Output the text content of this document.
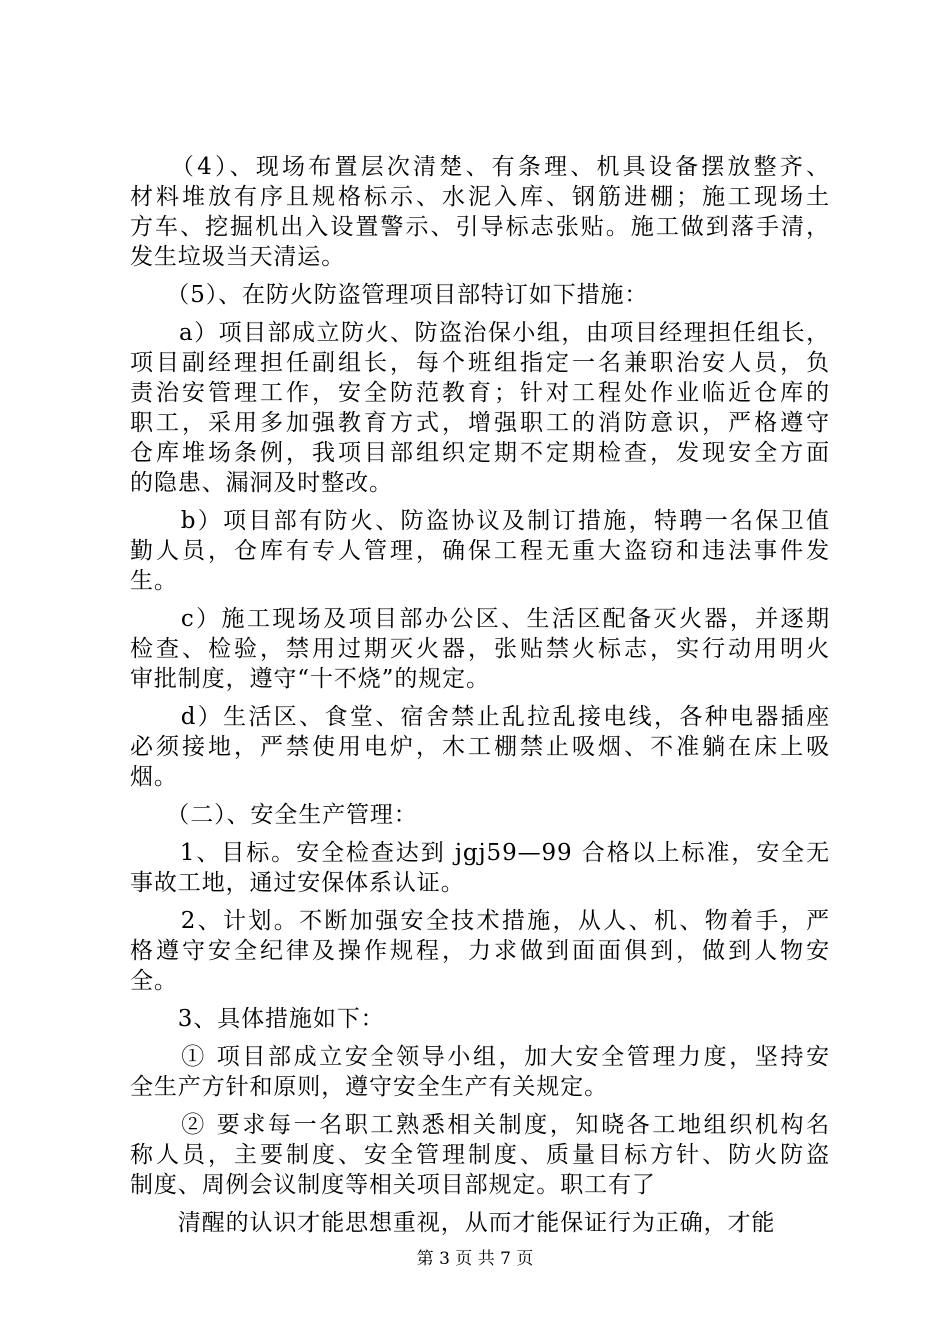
　　（4）、现场布置层次清楚、有条理、机具设备摆放整齐、
材料堆放有序且规格标示、水泥入库、钢筋进棚；施工现场土
方车、挖掘机出入设置警示、引导标志张贴。施工做到落手清，
发生垃圾当天清运。
　　（5）、在防火防盗管理项目部特订如下措施：
　　a）项目部成立防火、防盗治保小组，由项目经理担任组长，
项目副经理担任副组长，每个班组指定一名兼职治安人员，负
责治安管理工作，安全防范教育；针对工程处作业临近仓库的
职工，采用多加强教育方式，增强职工的消防意识，严格遵守
仓库堆场条例，我项目部组织定期不定期检查，发现安全方面
的隐患、漏洞及时整改。
　　b）项目部有防火、防盗协议及制订措施，特聘一名保卫值
勤人员，仓库有专人管理，确保工程无重大盗窃和违法事件发
生。
　　c）施工现场及项目部办公区、生活区配备灭火器，并逐期
检查、检验，禁用过期灭火器，张贴禁火标志，实行动用明火
审批制度，遵守“十不烧”的规定。
　　d）生活区、食堂、宿舍禁止乱拉乱接电线，各种电器插座
必须接地，严禁使用电炉，木工棚禁止吸烟、不准躺在床上吸
烟。
　　（二）、安全生产管理：
　　1、目标。安全检查达到 jgj59—99 合格以上标准，安全无
事故工地，通过安保体系认证。
　　2、计划。不断加强安全技术措施，从人、机、物着手，严
格遵守安全纪律及操作规程，力求做到面面俱到，做到人物安
全。
　　3、具体措施如下：
　　① 项目部成立安全领导小组，加大安全管理力度，坚持安
全生产方针和原则，遵守安全生产有关规定。
　　② 要求每一名职工熟悉相关制度，知晓各工地组织机构名
称人员，主要制度、安全管理制度、质量目标方针、防火防盗
制度、周例会议制度等相关项目部规定。职工有了
　　清醒的认识才能思想重视，从而才能保证行为正确，才能
第 3 页 共 7 页
